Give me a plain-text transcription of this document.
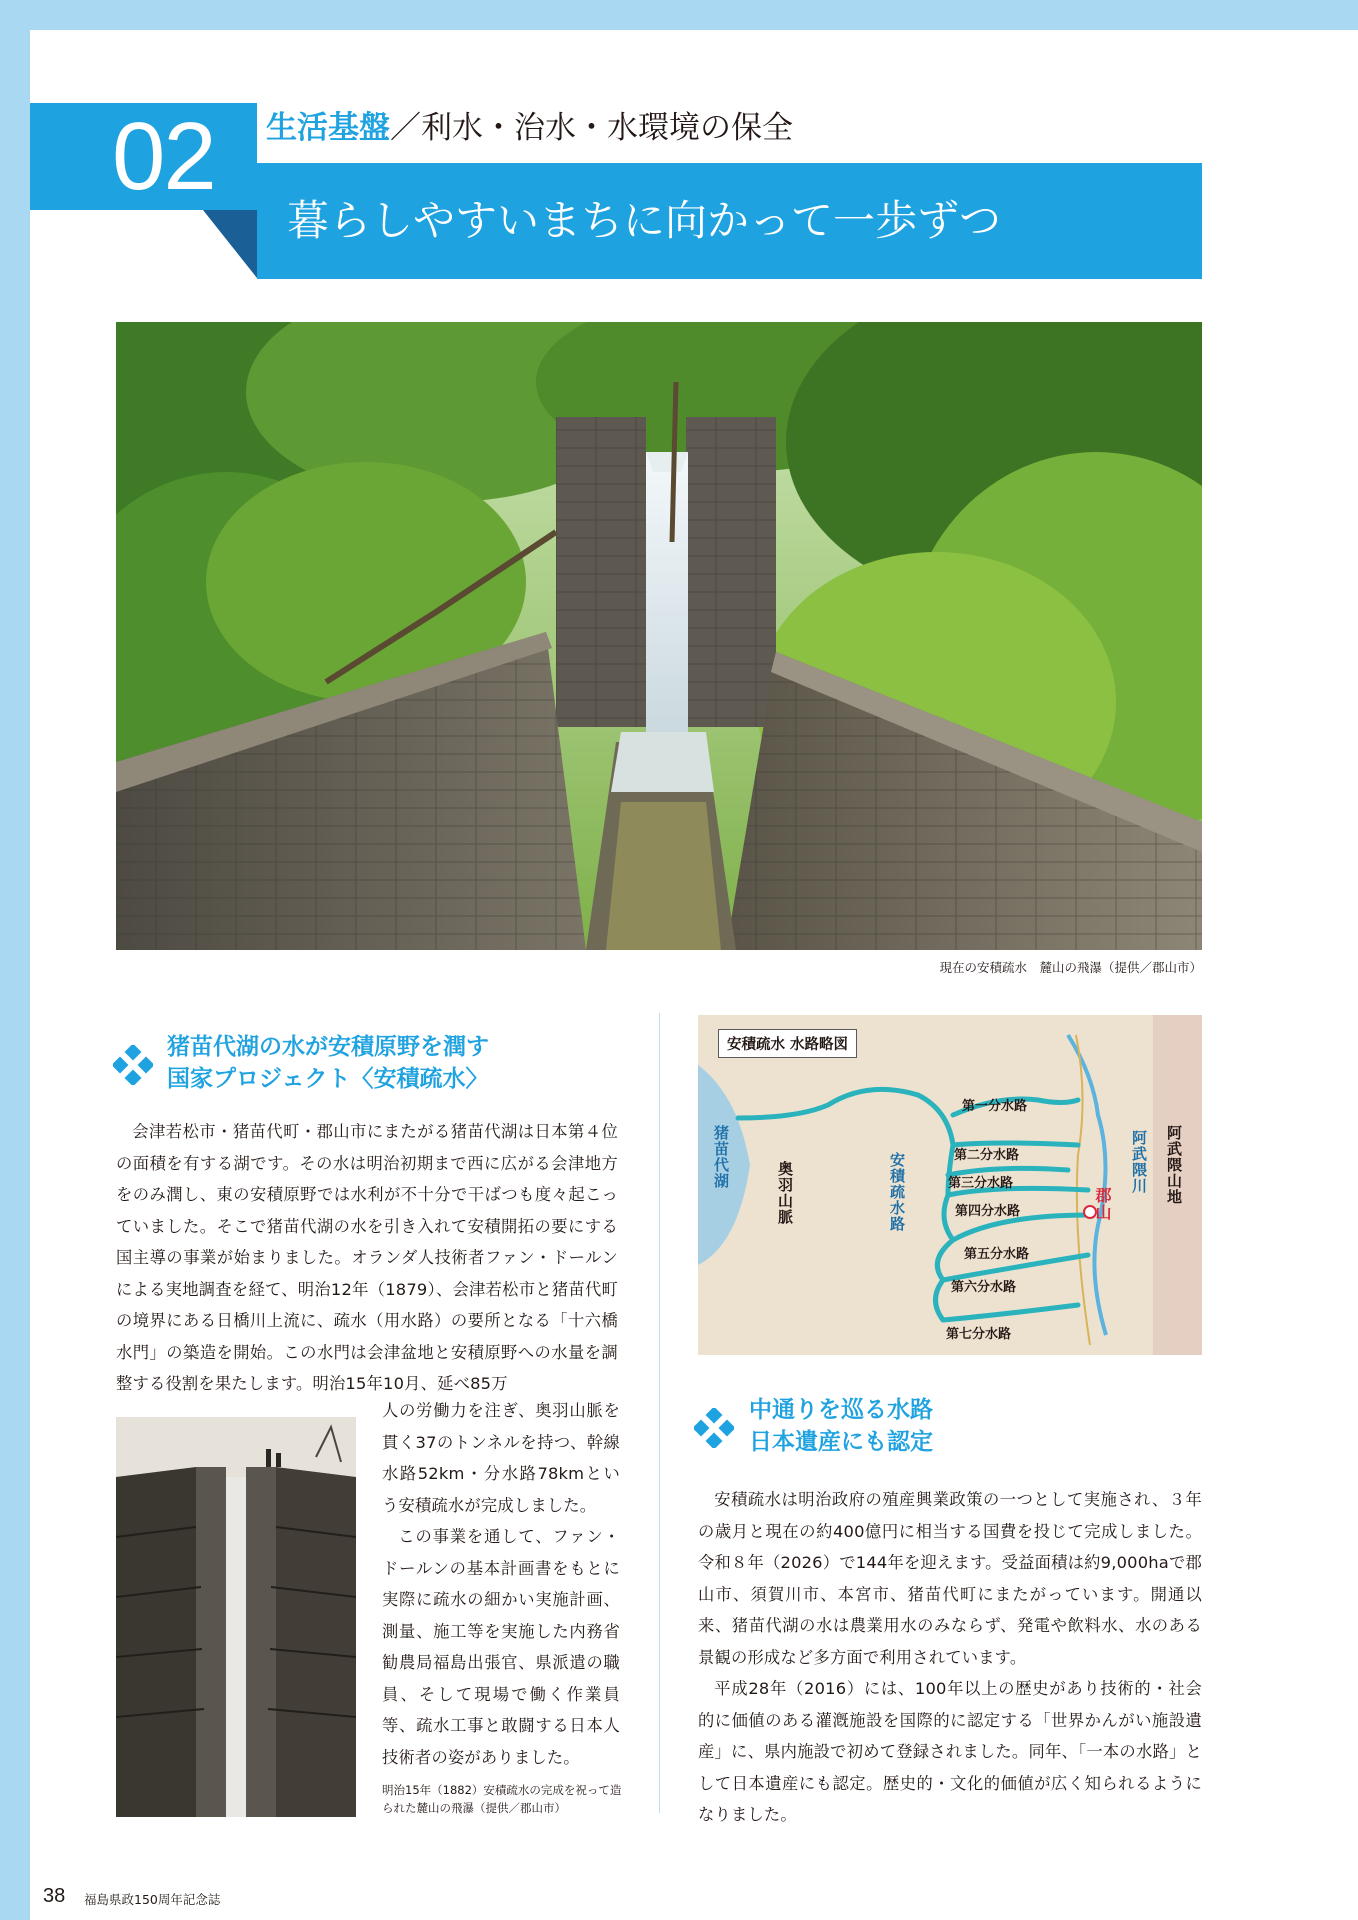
02	生活基盤／利水・治水・水環境の保全
暮らしやすいまちに向かって一歩ずつ
現在の安積疏水　麓山の飛瀑（提供／郡山市）
猪苗代湖の水が安積原野を潤す
国家プロジェクト〈安積疏水〉

会津若松市・猪苗代町・郡山市にまたがる猪苗代湖は日本第４位の面積を有する湖です。その水は明治初期まで西に広がる会津地方をのみ潤し、東の安積原野では水利が不十分で干ばつも度々起こっていました。そこで猪苗代湖の水を引き入れて安積開拓の要にする国主導の事業が始まりました。オランダ人技術者ファン・ドールンによる実地調査を経て、明治12年（1879）、会津若松市と猪苗代町の境界にある日橋川上流に、疏水（用水路）の要所となる「十六橋水門」の築造を開始。この水門は会津盆地と安積原野への水量を調整する役割を果たします。明治15年10月、延べ85万

人の労働力を注ぎ、奥羽山脈を貫く37のトンネルを持つ、幹線水路52km・分水路78kmという安積疏水が完成しました。

この事業を通して、ファン・ドールンの基本計画書をもとに実際に疏水の細かい実施計画、測量、施工等を実施した内務省勧農局福島出張官、県派遣の職員、そして現場で働く作業員等、疏水工事と敢闘する日本人技術者の姿がありました。

明治15年（1882）安積疏水の完成を祝って造られた麓山の飛瀑（提供／郡山市）
安積疏水 水路略図
猪苗代湖
奥羽山脈	安積疏水路	阿武隈川 阿武隈山地
郡山
第一分水路
第二分水路
第三分水路
第四分水路
第五分水路
第六分水路
第七分水路
中通りを巡る水路
日本遺産にも認定

安積疏水は明治政府の殖産興業政策の一つとして実施され、３年の歳月と現在の約400億円に相当する国費を投じて完成しました。令和８年（2026）で144年を迎えます。受益面積は約9,000haで郡山市、須賀川市、本宮市、猪苗代町にまたがっています。開通以来、猪苗代湖の水は農業用水のみならず、発電や飲料水、水のある景観の形成など多方面で利用されています。

平成28年（2016）には、100年以上の歴史があり技術的・社会的に価値のある灌漑施設を国際的に認定する「世界かんがい施設遺産」に、県内施設で初めて登録されました。同年、「一本の水路」として日本遺産にも認定。歴史的・文化的価値が広く知られるようになりました。

38 福島県政150周年記念誌
